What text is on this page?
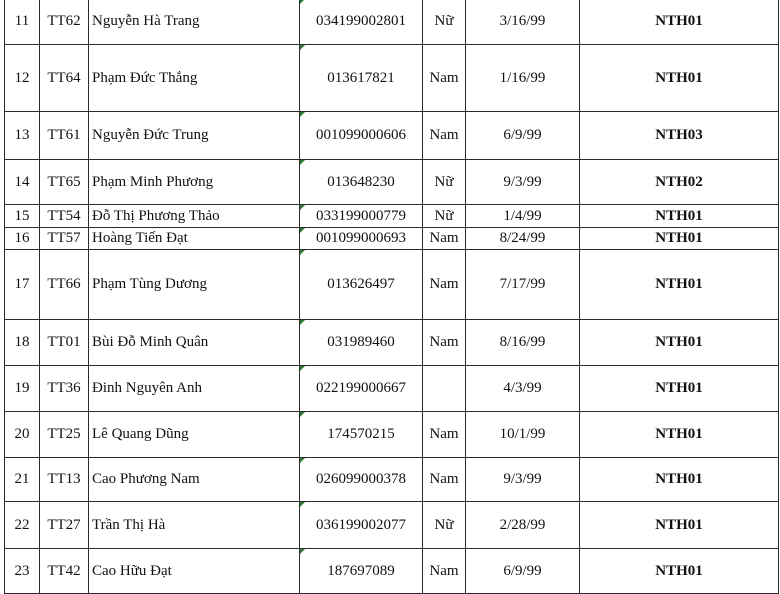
11	TT62	Nguyễn Hà Trang	034199002801	Nữ	3/16/99	NTH01
12	TT64	Phạm Đức Thắng	013617821	Nam	1/16/99	NTH01
13	TT61	Nguyễn Đức Trung	001099000606	Nam	6/9/99	NTH03
14	TT65	Phạm Minh Phương	013648230	Nữ	9/3/99	NTH02
15	TT54	Đỗ Thị Phương Thảo	033199000779	Nữ	1/4/99	NTH01
16	TT57	Hoàng Tiến Đạt	001099000693	Nam	8/24/99	NTH01
17	TT66	Phạm Tùng Dương	013626497	Nam	7/17/99	NTH01
18	TT01	Bùi Đỗ Minh Quân	031989460	Nam	8/16/99	NTH01
19	TT36	Đinh Nguyên Anh	022199000667		4/3/99	NTH01
20	TT25	Lê Quang Dũng	174570215	Nam	10/1/99	NTH01
21	TT13	Cao Phương Nam	026099000378	Nam	9/3/99	NTH01
22	TT27	Trần Thị Hà	036199002077	Nữ	2/28/99	NTH01
23	TT42	Cao Hữu Đạt	187697089	Nam	6/9/99	NTH01
